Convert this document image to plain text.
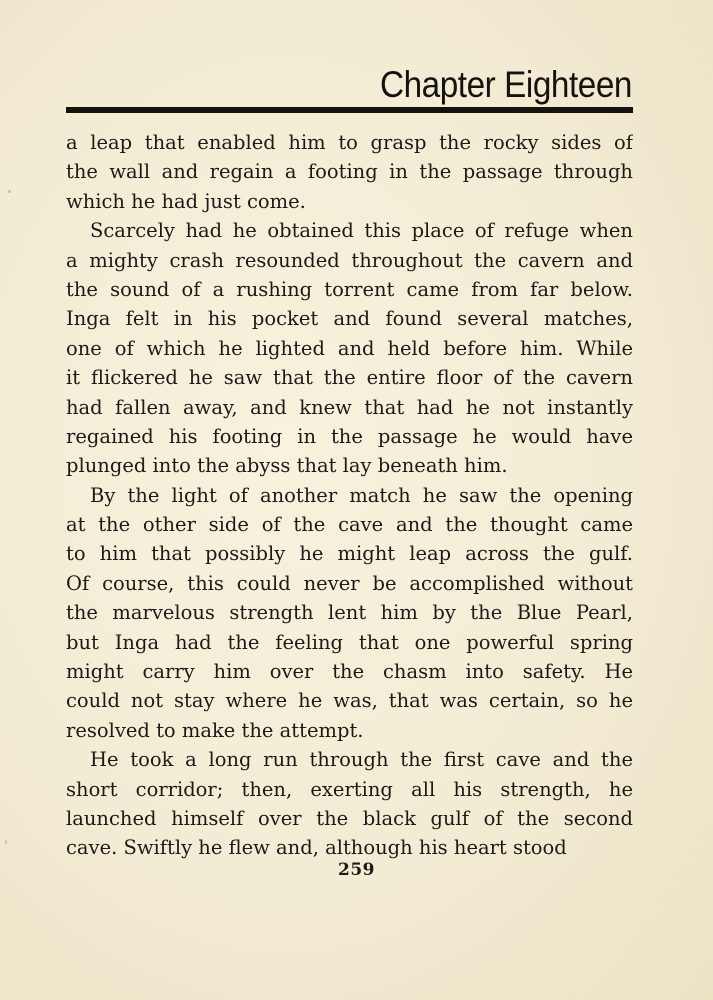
Chapter Eighteen
a leap that enabled him to grasp the rocky sides of
the wall and regain a footing in the passage through
which he had just come.
Scarcely had he obtained this place of refuge when
a mighty crash resounded throughout the cavern and
the sound of a rushing torrent came from far below.
Inga felt in his pocket and found several matches,
one of which he lighted and held before him. While
it flickered he saw that the entire floor of the cavern
had fallen away, and knew that had he not instantly
regained his footing in the passage he would have
plunged into the abyss that lay beneath him.
By the light of another match he saw the opening
at the other side of the cave and the thought came
to him that possibly he might leap across the gulf.
Of course, this could never be accomplished without
the marvelous strength lent him by the Blue Pearl,
but Inga had the feeling that one powerful spring
might carry him over the chasm into safety. He
could not stay where he was, that was certain, so he
resolved to make the attempt.
He took a long run through the first cave and the
short corridor; then, exerting all his strength, he
launched himself over the black gulf of the second
cave. Swiftly he flew and, although his heart stood
259
